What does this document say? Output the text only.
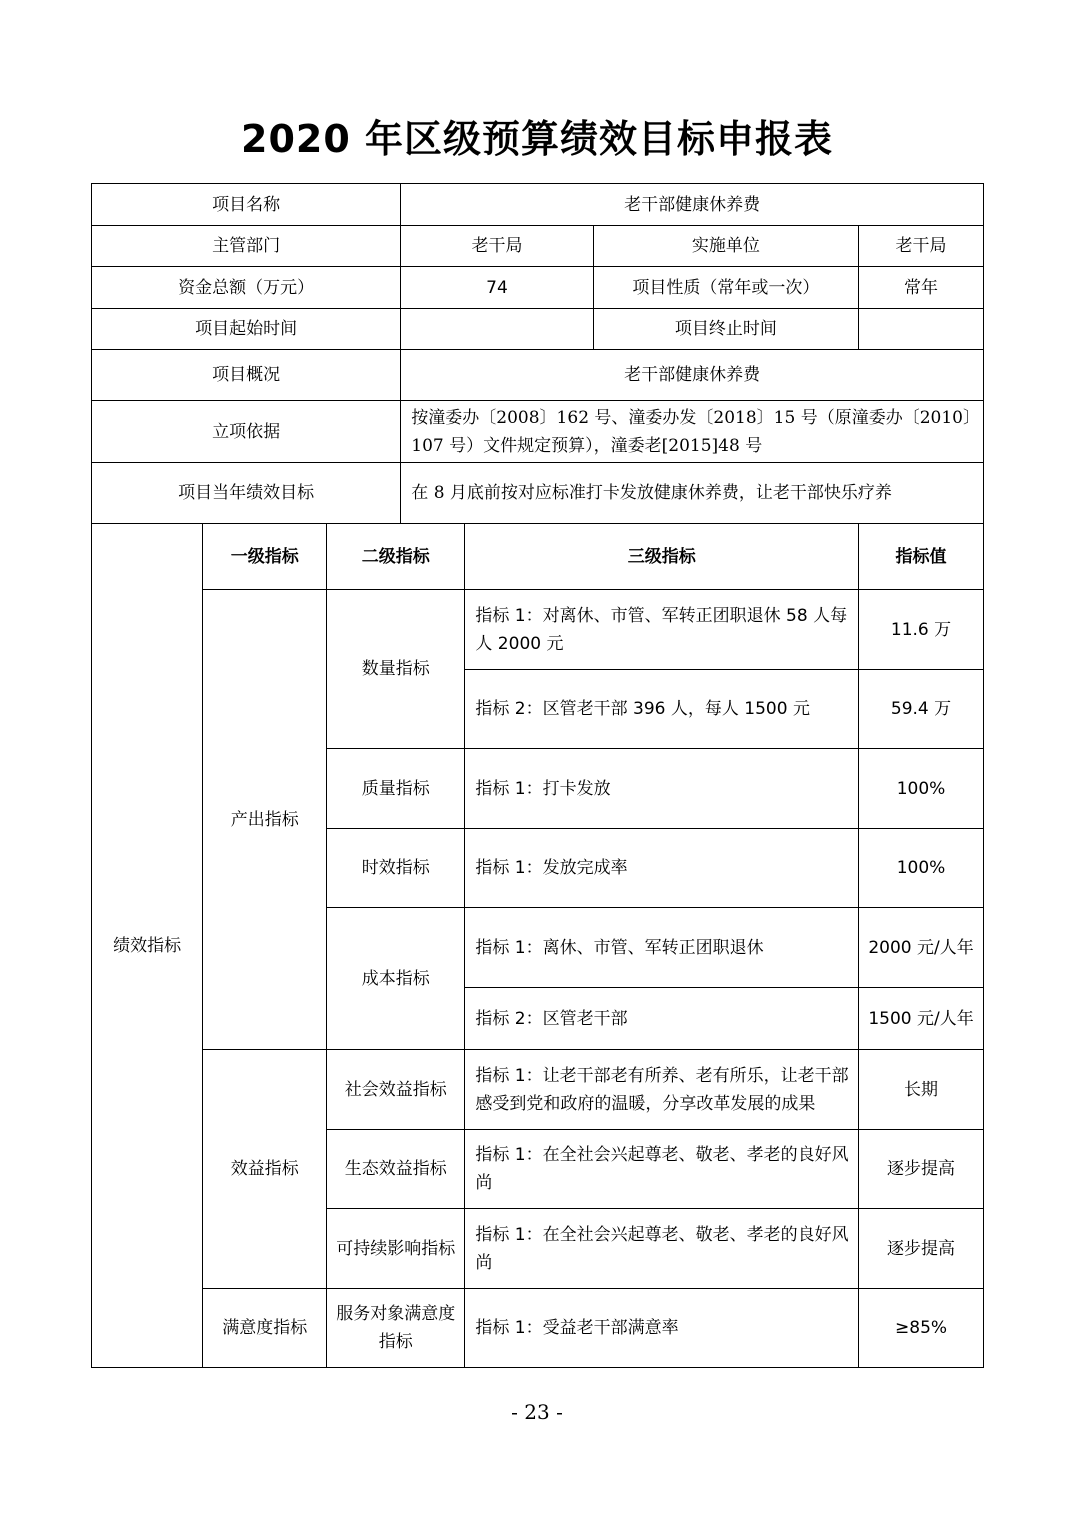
2020 年区级预算绩效目标申报表
项目名称			老干部健康休养费			
主管部门			老干局		实施单位	老干局
资金总额（万元）			74		项目性质（常年或一次）	常年
项目起始时间					项目终止时间	
项目概况			老干部健康休养费			
立项依据			按潼委办〔2008〕162 号、潼委办发〔2018〕15 号（原潼委办〔2010〕107 号）文件规定预算），潼委老[2015]48 号			
项目当年绩效目标			在 8 月底前按对应标准打卡发放健康休养费，让老干部快乐疗养			
绩效指标	一级指标	二级指标		三级指标		指标值
	产出指标	数量指标		指标 1：对离休、市管、军转正团职退休 58 人每人 2000 元		11.6 万
				指标 2：区管老干部 396 人，每人 1500 元		59.4 万
		质量指标		指标 1：打卡发放		100%
		时效指标		指标 1：发放完成率		100%
		成本指标		指标 1：离休、市管、军转正团职退休		2000 元/人年
				指标 2：区管老干部		1500 元/人年
	效益指标	社会效益指标		指标 1：让老干部老有所养、老有所乐，让老干部感受到党和政府的温暖，分享改革发展的成果		长期
		生态效益指标		指标 1：在全社会兴起尊老、敬老、孝老的良好风尚		逐步提高
		可持续影响指标		指标 1：在全社会兴起尊老、敬老、孝老的良好风尚		逐步提高
	满意度指标	服务对象满意度指标		指标 1：受益老干部满意率		≥85%
- 23 -
